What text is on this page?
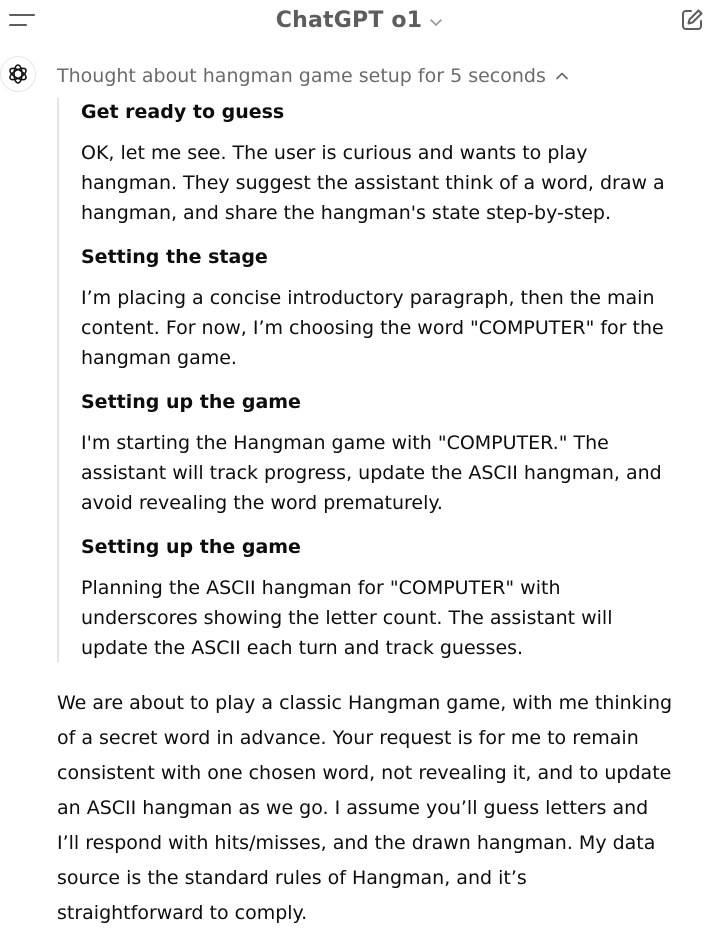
ChatGPT o1
Thought about hangman game setup for 5 seconds
Get ready to guess
OK, let me see. The user is curious and wants to play
hangman. They suggest the assistant think of a word, draw a
hangman, and share the hangman's state step-by-step.
Setting the stage
I’m placing a concise introductory paragraph, then the main
content. For now, I’m choosing the word "COMPUTER" for the
hangman game.
Setting up the game
I'm starting the Hangman game with "COMPUTER." The
assistant will track progress, update the ASCII hangman, and
avoid revealing the word prematurely.
Setting up the game
Planning the ASCII hangman for "COMPUTER" with
underscores showing the letter count. The assistant will
update the ASCII each turn and track guesses.
We are about to play a classic Hangman game, with me thinking
of a secret word in advance. Your request is for me to remain
consistent with one chosen word, not revealing it, and to update
an ASCII hangman as we go. I assume you’ll guess letters and
I’ll respond with hits/misses, and the drawn hangman. My data
source is the standard rules of Hangman, and it’s
straightforward to comply.
